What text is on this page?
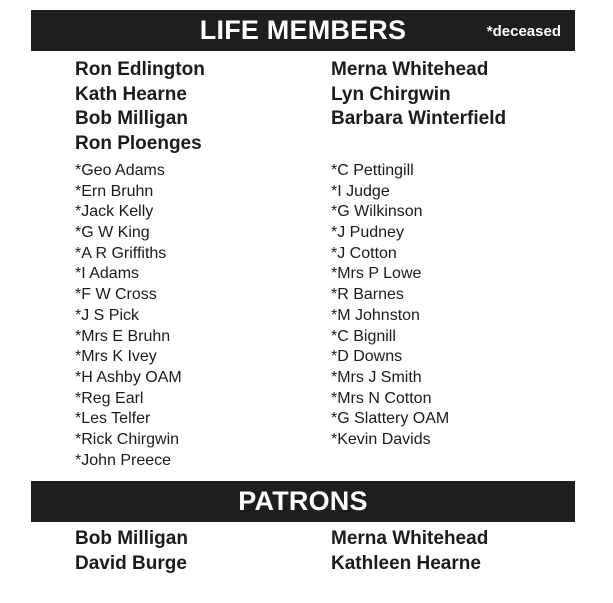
LIFE MEMBERS	*deceased
Ron Edlington
Kath Hearne
Bob Milligan
Ron Ploenges
Merna Whitehead
Lyn Chirgwin
Barbara Winterfield
*Geo Adams
*Ern Bruhn
*Jack Kelly
*G W King
*A R Griffiths
*I Adams
*F W Cross
*J S Pick
*Mrs E Bruhn
*Mrs K Ivey
*H Ashby OAM
*Reg Earl
*Les Telfer
*Rick Chirgwin
*John Preece
*C Pettingill
*I Judge
*G Wilkinson
*J Pudney
*J Cotton
*Mrs P Lowe
*R Barnes
*M Johnston
*C Bignill
*D Downs
*Mrs J Smith
*Mrs N Cotton
*G Slattery OAM
*Kevin Davids
PATRONS
Bob Milligan
David Burge
Merna Whitehead
Kathleen Hearne
